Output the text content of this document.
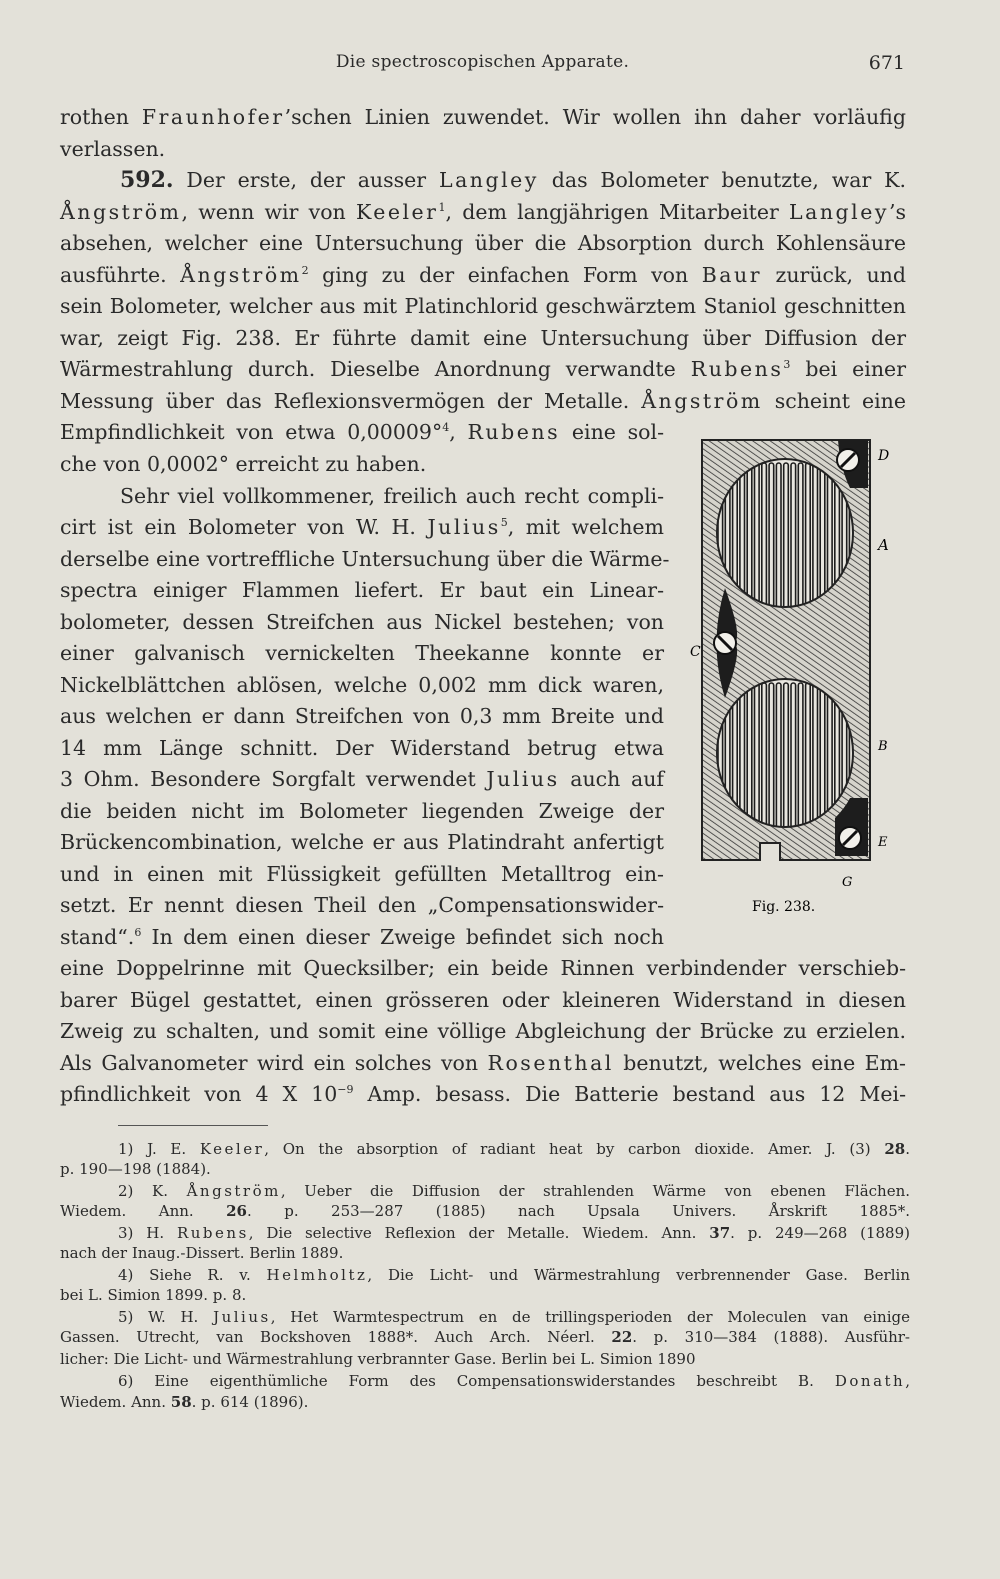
Die spectroscopischen Apparate.	671
rothen Fraunhofer’schen Linien zuwendet. Wir wollen ihn daher vorläufig
verlassen.
592. Der erste, der ausser Langley das Bolometer benutzte, war K.
Ångström, wenn wir von Keeler$^1$, dem langjährigen Mitarbeiter Langley’s
absehen, welcher eine Untersuchung über die Absorption durch Kohlensäure
ausführte. Ångström$^2$ ging zu der einfachen Form von Baur zurück, und
sein Bolometer, welcher aus mit Platinchlorid geschwärztem Staniol geschnitten
war, zeigt Fig. 238. Er führte damit eine Untersuchung über Diffusion der
Wärmestrahlung durch. Dieselbe Anordnung verwandte Rubens$^3$ bei einer
Messung über das Reflexionsvermögen der Metalle. Ångström scheint eine
Empfindlichkeit von etwa 0,00009°$^4$, Rubens eine sol-
che von 0,0002° erreicht zu haben.
Sehr viel vollkommener, freilich auch recht compli-
cirt ist ein Bolometer von W. H. Julius$^5$, mit welchem
derselbe eine vortreffliche Untersuchung über die Wärme-
spectra einiger Flammen liefert. Er baut ein Linear-
bolometer, dessen Streifchen aus Nickel bestehen; von
einer galvanisch vernickelten Theekanne konnte er
Nickelblättchen ablösen, welche 0,002 mm dick waren,
aus welchen er dann Streifchen von 0,3 mm Breite und
14 mm Länge schnitt. Der Widerstand betrug etwa
3 Ohm. Besondere Sorgfalt verwendet Julius auch auf
die beiden nicht im Bolometer liegenden Zweige der
Brückencombination, welche er aus Platindraht anfertigt
und in einen mit Flüssigkeit gefüllten Metalltrog ein-
setzt. Er nennt diesen Theil den „Compensationswider-
stand“.$^6$ In dem einen dieser Zweige befindet sich noch
eine Doppelrinne mit Quecksilber; ein beide Rinnen verbindender verschieb-
barer Bügel gestattet, einen grösseren oder kleineren Widerstand in diesen
Zweig zu schalten, und somit eine völlige Abgleichung der Brücke zu erzielen.
Als Galvanometer wird ein solches von Rosenthal benutzt, welches eine Em-
pfindlichkeit von 4 X $10^{-9}$ Amp. besass. Die Batterie bestand aus 12 Mei-
D
A
C
B
E
G
Fig. 238.
1) J. E. Keeler, On the absorption of radiant heat by carbon dioxide. Amer. J. (3) 28.
p. 190—198 (1884).
2) K. Ångström, Ueber die Diffusion der strahlenden Wärme von ebenen Flächen.
Wiedem. Ann. 26. p. 253—287 (1885) nach Upsala Univers. Årskrift 1885*.
3) H. Rubens, Die selective Reflexion der Metalle. Wiedem. Ann. 37. p. 249—268 (1889)
nach der Inaug.-Dissert. Berlin 1889.
4) Siehe R. v. Helmholtz, Die Licht- und Wärmestrahlung verbrennender Gase. Berlin
bei L. Simion 1899. p. 8.
5) W. H. Julius, Het Warmtespectrum en de trillingsperioden der Moleculen van einige
Gassen. Utrecht, van Bockshoven 1888*. Auch Arch. Néerl. 22. p. 310—384 (1888). Ausführ-
licher: Die Licht- und Wärmestrahlung verbrannter Gase. Berlin bei L. Simion 1890
6) Eine eigenthümliche Form des Compensationswiderstandes beschreibt B. Donath,
Wiedem. Ann. 58. p. 614 (1896).
